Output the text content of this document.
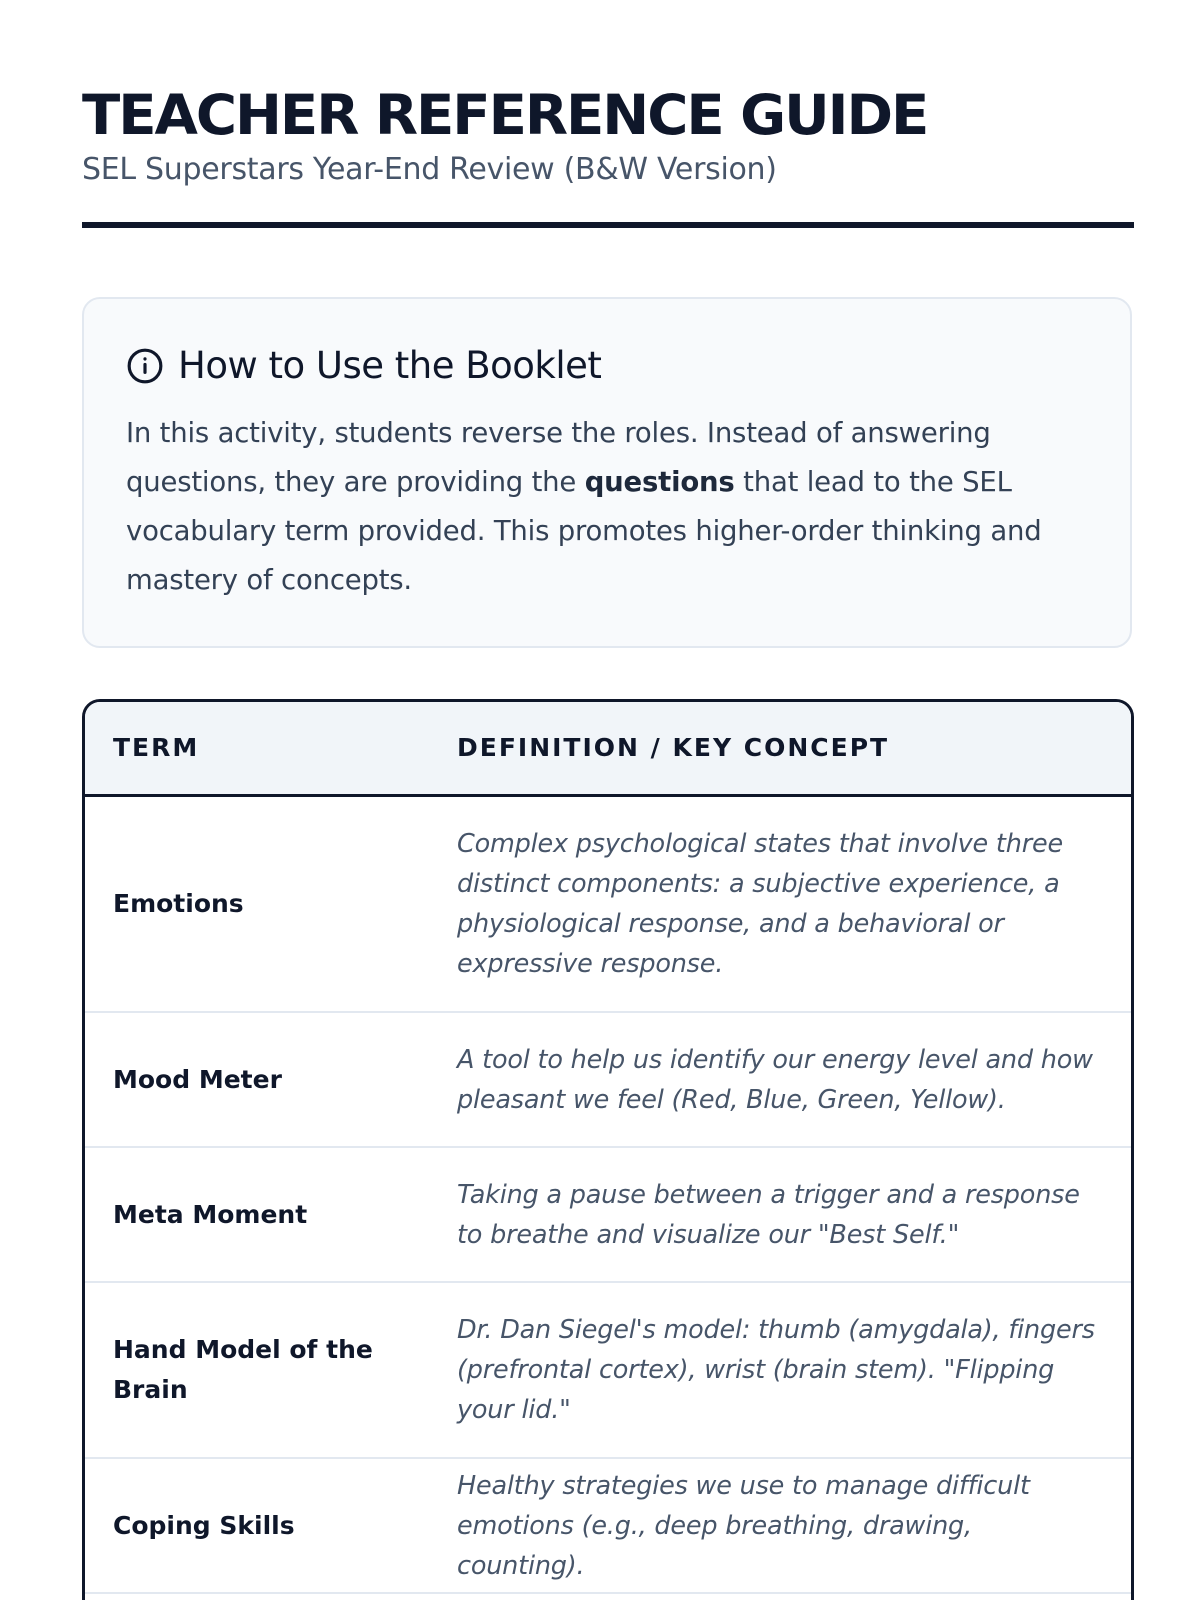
TEACHER REFERENCE GUIDE

SEL Superstars Year-End Review (B&W Version)

How to Use the Booklet

In this activity, students reverse the roles. Instead of answering questions, they are providing the questions that lead to the SEL vocabulary term provided. This promotes higher-order thinking and mastery of concepts.

TERM	DEFINITION / KEY CONCEPT
Emotions
Complex psychological states that involve three distinct components: a subjective experience, a physiological response, and a behavioral or expressive response.
Mood Meter
A tool to help us identify our energy level and how pleasant we feel (Red, Blue, Green, Yellow).
Meta Moment
Taking a pause between a trigger and a response to breathe and visualize our "Best Self."
Hand Model of the Brain
Dr. Dan Siegel's model: thumb (amygdala), fingers (prefrontal cortex), wrist (brain stem). "Flipping your lid."
Coping Skills
Healthy strategies we use to manage difficult emotions (e.g., deep breathing, drawing, counting).
